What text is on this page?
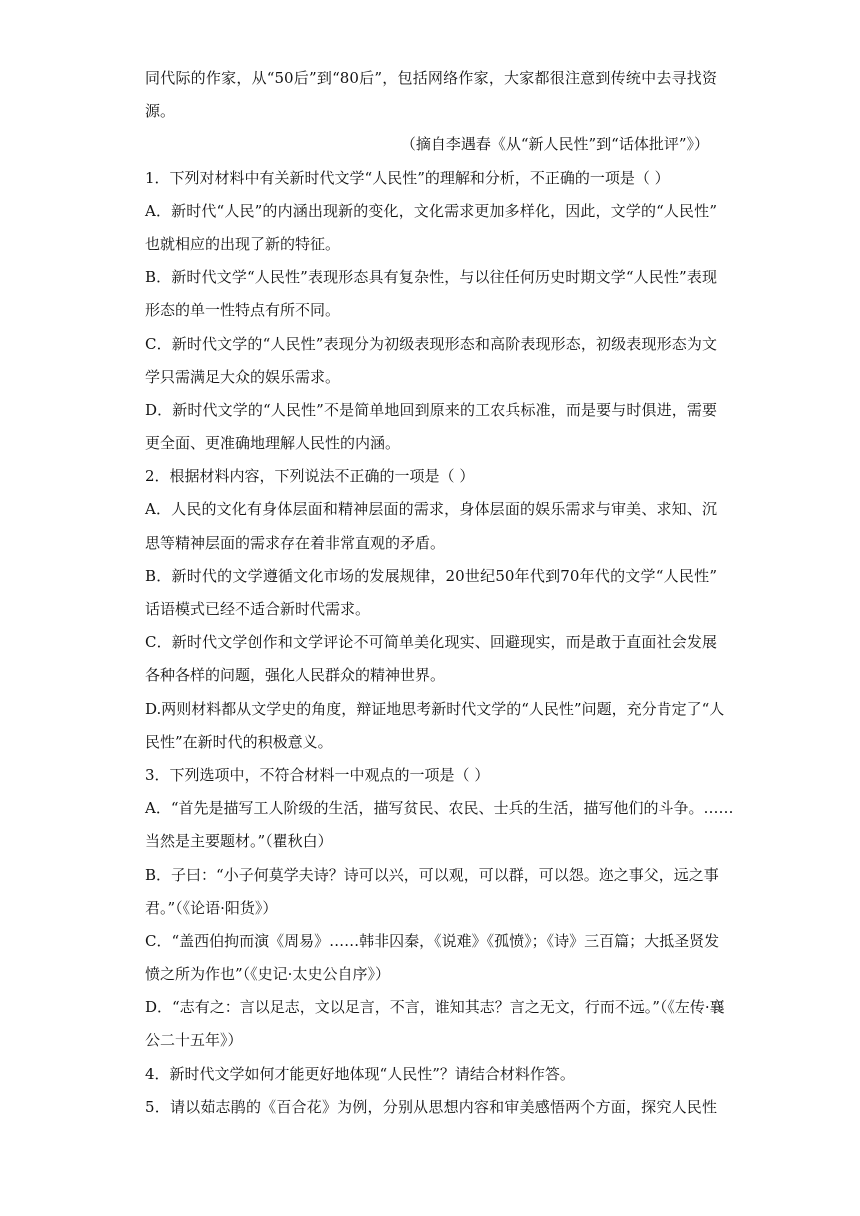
同代际的作家，从“50后”到“80后”，包括网络作家，大家都很注意到传统中去寻找资
源。
（摘自李遇春《从“新人民性”到“话体批评”》）
1．下列对材料中有关新时代文学“人民性”的理解和分析，不正确的一项是（ ）
A．新时代“人民”的内涵出现新的变化，文化需求更加多样化，因此，文学的“人民性”
也就相应的出现了新的特征。
B．新时代文学“人民性”表现形态具有复杂性，与以往任何历史时期文学“人民性”表现
形态的单一性特点有所不同。
C．新时代文学的“人民性”表现分为初级表现形态和高阶表现形态，初级表现形态为文
学只需满足大众的娱乐需求。
D．新时代文学的“人民性”不是简单地回到原来的工农兵标准，而是要与时俱进，需要
更全面、更准确地理解人民性的内涵。
2．根据材料内容，下列说法不正确的一项是（ ）
A．人民的文化有身体层面和精神层面的需求，身体层面的娱乐需求与审美、求知、沉
思等精神层面的需求存在着非常直观的矛盾。
B．新时代的文学遵循文化市场的发展规律，20世纪50年代到70年代的文学“人民性”
话语模式已经不适合新时代需求。
C．新时代文学创作和文学评论不可简单美化现实、回避现实，而是敢于直面社会发展
各种各样的问题，强化人民群众的精神世界。
D.两则材料都从文学史的角度，辩证地思考新时代文学的“人民性”问题，充分肯定了“人
民性”在新时代的积极意义。
3．下列选项中，不符合材料一中观点的一项是（ ）
A．“首先是描写工人阶级的生活，描写贫民、农民、士兵的生活，描写他们的斗争。……
当然是主要题材。”（瞿秋白）
B．子曰：“小子何莫学夫诗？诗可以兴，可以观，可以群，可以怨。迩之事父，远之事
君。”（《论语·阳货》）
C．“盖西伯拘而演《周易》……韩非囚秦，《说难》《孤愤》；《诗》三百篇；大抵圣贤发
愤之所为作也”（《史记·太史公自序》）
D．“志有之：言以足志，文以足言，不言，谁知其志？言之无文，行而不远。”（《左传·襄
公二十五年》）
4．新时代文学如何才能更好地体现“人民性”？请结合材料作答。
5．请以茹志鹃的《百合花》为例，分别从思想内容和审美感悟两个方面，探究人民性
